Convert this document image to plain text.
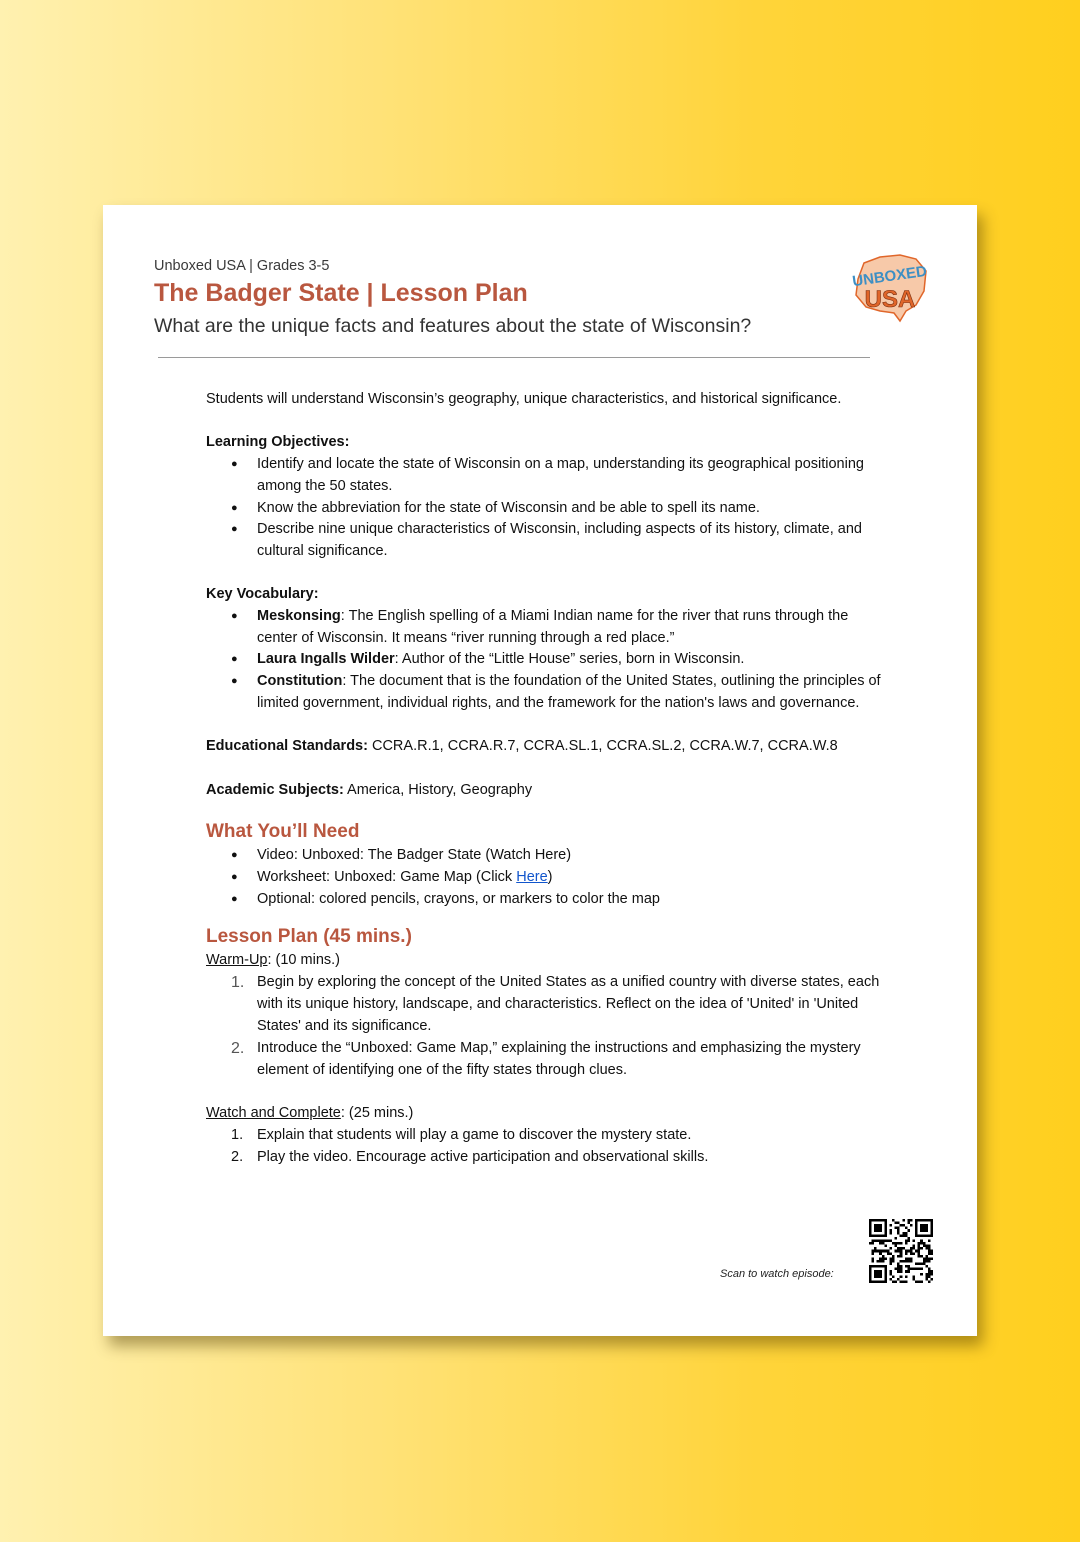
Unboxed USA | Grades 3-5
The Badger State | Lesson Plan
What are the unique facts and features about the state of Wisconsin?
UNBOXED
USA

Students will understand Wisconsin’s geography, unique characteristics, and historical significance.

Learning Objectives:

● Identify and locate the state of Wisconsin on a map, understanding its geographical positioning among the 50 states.
● Know the abbreviation for the state of Wisconsin and be able to spell its name.
● Describe nine unique characteristics of Wisconsin, including aspects of its history, climate, and cultural significance.

Key Vocabulary:

● Meskonsing: The English spelling of a Miami Indian name for the river that runs through the center of Wisconsin. It means “river running through a red place.”
● Laura Ingalls Wilder: Author of the “Little House” series, born in Wisconsin.
● Constitution: The document that is the foundation of the United States, outlining the principles of limited government, individual rights, and the framework for the nation's laws and governance.

Educational Standards: CCRA.R.1, CCRA.R.7, CCRA.SL.1, CCRA.SL.2, CCRA.W.7, CCRA.W.8

Academic Subjects: America, History, Geography

What You’ll Need
● Video: Unboxed: The Badger State (Watch Here)
● Worksheet: Unboxed: Game Map (Click Here)
● Optional: colored pencils, crayons, or markers to color the map
Lesson Plan (45 mins.)

Warm-Up: (10 mins.)

1. Begin by exploring the concept of the United States as a unified country with diverse states, each with its unique history, landscape, and characteristics. Reflect on the idea of 'United' in 'United States' and its significance.
2. Introduce the “Unboxed: Game Map,” explaining the instructions and emphasizing the mystery element of identifying one of the fifty states through clues.

Watch and Complete: (25 mins.)

1. Explain that students will play a game to discover the mystery state.
2. Play the video. Encourage active participation and observational skills.
Scan to watch episode:
